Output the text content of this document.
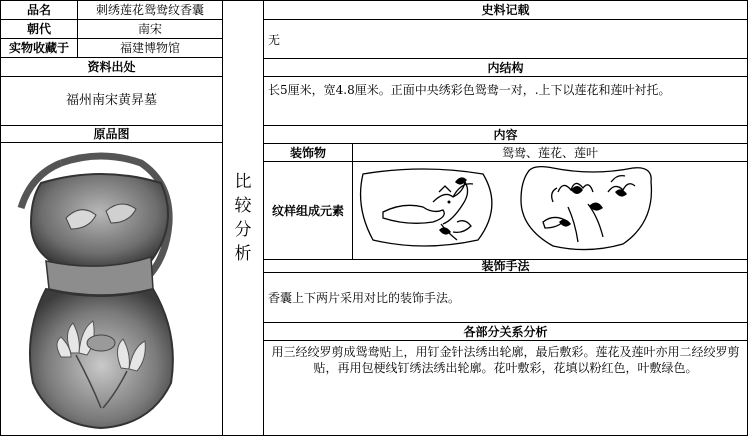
品名	刺绣莲花鸳鸯纹香囊
朝代	南宋
实物收藏于	福建博物馆
资料出处
福州南宋黄昇墓
原品图
比
较
分
析
史料记载
无
内结构
长5厘米，宽4.8厘米。正面中央绣彩色鸳鸯一对，.上下以莲花和莲叶衬托。
内容
装饰物	鸳鸯、莲花、莲叶
纹样组成元素
装饰手法
香囊上下两片采用对比的装饰手法。
各部分关系分析
用三经绞罗剪成鸳鸯贴上，用钉金针法绣出轮廓，最后敷彩。莲花及莲叶亦用二经绞罗剪贴，再用包梗线钉绣法绣出轮廓。花叶敷彩，花填以粉红色，叶敷绿色。
